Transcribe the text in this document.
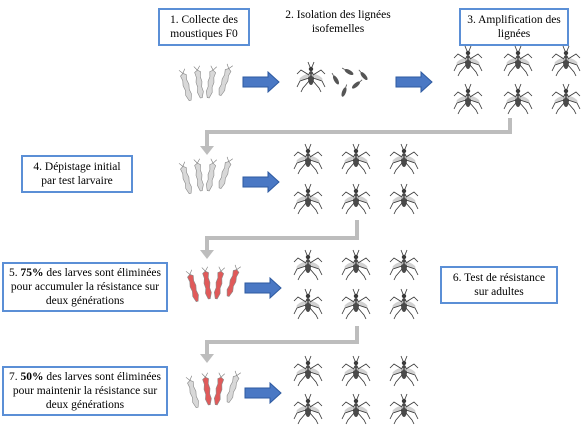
1. Collecte des moustiques F0
2. Isolation des lignées isofemelles
3. Amplification des lignées
4. Dépistage initial par test larvaire
5. 75% des larves sont éliminées pour accumuler la résistance sur deux générations
6. Test de résistance sur adultes
7. 50% des larves sont éliminées pour maintenir la résistance sur deux générations
